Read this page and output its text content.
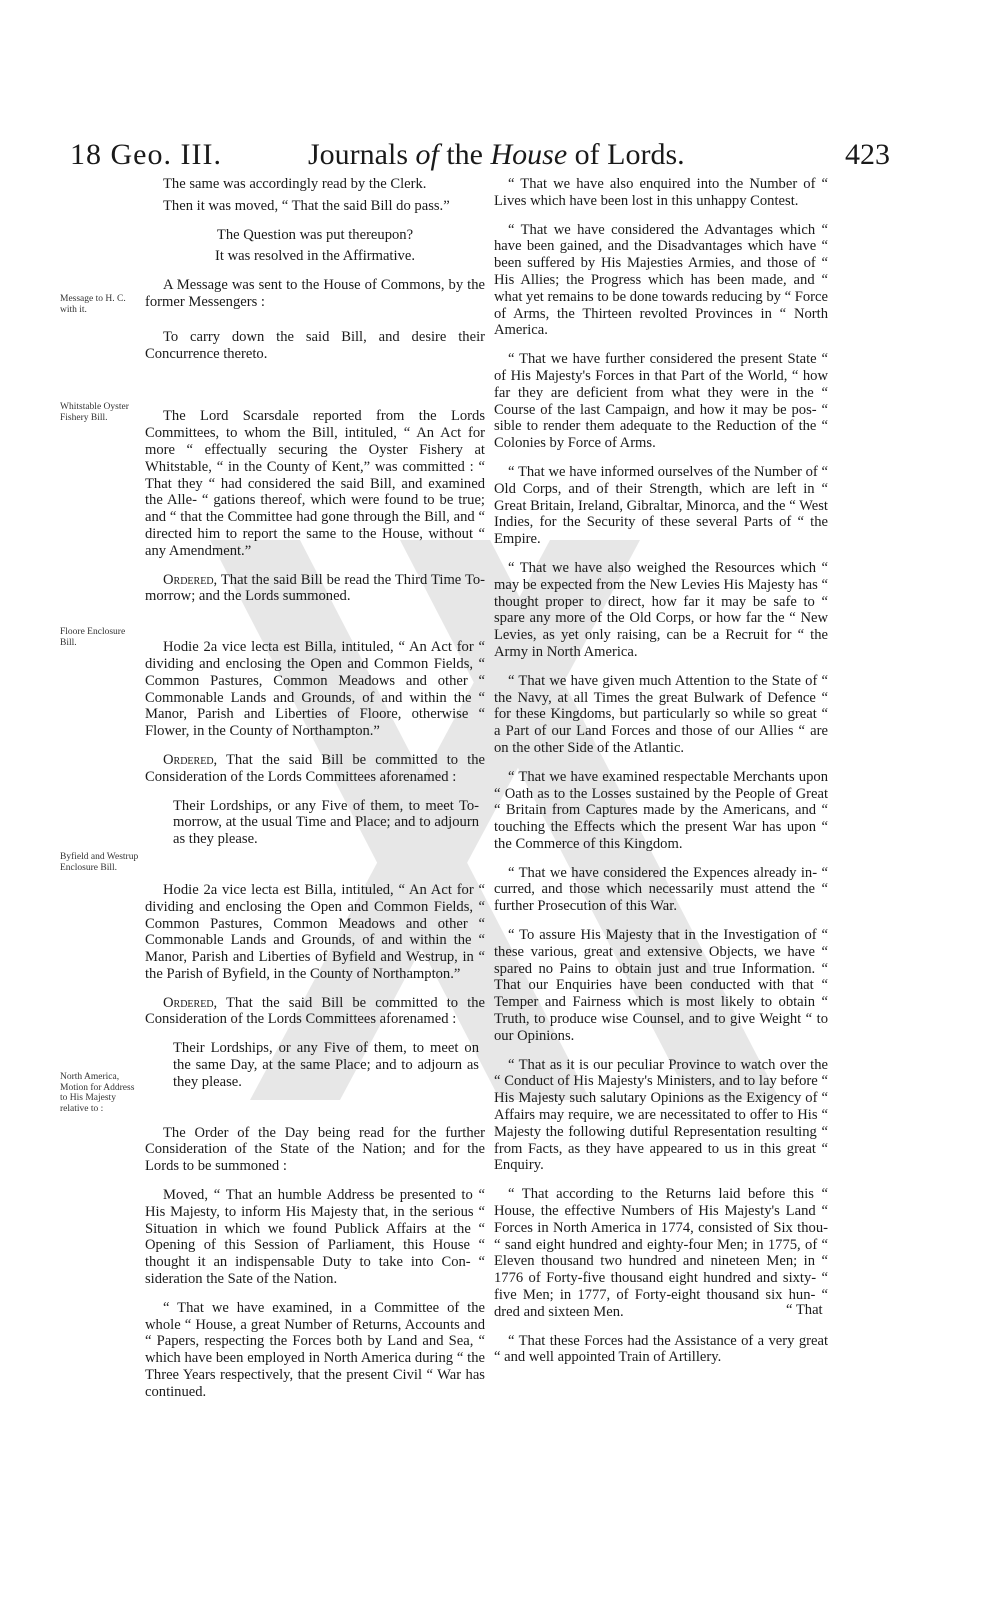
18 Geo. III.	Journals of the House of Lords.	423
Message to H. C. with it.
Whitstable Oyster Fishery Bill.
Floore Enclosure Bill.
Byfield and Westrup Enclosure Bill.
North America, Motion for Address to His Majesty relative to :

The same was accordingly read by the Clerk.

Then it was moved, “ That the said Bill do pass.”

The Question was put thereupon?

It was resolved in the Affirmative.

A Message was sent to the House of Commons, by the former Messengers :

To carry down the said Bill, and desire their Concurrence thereto.

The Lord Scarsdale reported from the Lords Committees, to whom the Bill, intituled, “ An Act for more “ effectually securing the Oyster Fishery at Whitstable, “ in the County of Kent,” was committed : “ That they “ had considered the said Bill, and examined the Alle- “ gations thereof, which were found to be true; and “ that the Committee had gone through the Bill, and “ directed him to report the same to the House, without “ any Amendment.”

Ordered, That the said Bill be read the Third Time To-morrow; and the Lords summoned.

Hodie 2a vice lecta est Billa, intituled, “ An Act for “ dividing and enclosing the Open and Common Fields, “ Common Pastures, Common Meadows and other “ Commonable Lands and Grounds, of and within the “ Manor, Parish and Liberties of Floore, otherwise “ Flower, in the County of Northampton.”

Ordered, That the said Bill be committed to the Consideration of the Lords Committees aforenamed :

Their Lordships, or any Five of them, to meet To-morrow, at the usual Time and Place; and to adjourn as they please.

Hodie 2a vice lecta est Billa, intituled, “ An Act for “ dividing and enclosing the Open and Common Fields, “ Common Pastures, Common Meadows and other “ Commonable Lands and Grounds, of and within the “ Manor, Parish and Liberties of Byfield and Westrup, in “ the Parish of Byfield, in the County of Northampton.”

Ordered, That the said Bill be committed to the Consideration of the Lords Committees aforenamed :

Their Lordships, or any Five of them, to meet on the same Day, at the same Place; and to adjourn as they please.

The Order of the Day being read for the further Consideration of the State of the Nation; and for the Lords to be summoned :

Moved, “ That an humble Address be presented to “ His Majesty, to inform His Majesty that, in the serious “ Situation in which we found Publick Affairs at the “ Opening of this Session of Parliament, this House “ thought it an indispensable Duty to take into Con- “ sideration the Sate of the Nation.

“ That we have examined, in a Committee of the whole “ House, a great Number of Returns, Accounts and “ Papers, respecting the Forces both by Land and Sea, “ which have been employed in North America during “ the Three Years respectively, that the present Civil “ War has continued.

“ That we have also enquired into the Number of “ Lives which have been lost in this unhappy Contest.

“ That we have considered the Advantages which “ have been gained, and the Disadvantages which have “ been suffered by His Majesties Armies, and those of “ His Allies; the Progress which has been made, and “ what yet remains to be done towards reducing by “ Force of Arms, the Thirteen revolted Provinces in “ North America.

“ That we have further considered the present State “ of His Majesty's Forces in that Part of the World, “ how far they are deficient from what they were in the “ Course of the last Campaign, and how it may be pos- “ sible to render them adequate to the Reduction of the “ Colonies by Force of Arms.

“ That we have informed ourselves of the Number of “ Old Corps, and of their Strength, which are left in “ Great Britain, Ireland, Gibraltar, Minorca, and the “ West Indies, for the Security of these several Parts of “ the Empire.

“ That we have also weighed the Resources which “ may be expected from the New Levies His Majesty has “ thought proper to direct, how far it may be safe to “ spare any more of the Old Corps, or how far the “ New Levies, as yet only raising, can be a Recruit for “ the Army in North America.

“ That we have given much Attention to the State of “ the Navy, at all Times the great Bulwark of Defence “ for these Kingdoms, but particularly so while so great “ a Part of our Land Forces and those of our Allies “ are on the other Side of the Atlantic.

“ That we have examined respectable Merchants upon “ Oath as to the Losses sustained by the People of Great “ Britain from Captures made by the Americans, and “ touching the Effects which the present War has upon “ the Commerce of this Kingdom.

“ That we have considered the Expences already in- “ curred, and those which necessarily must attend the “ further Prosecution of this War.

“ To assure His Majesty that in the Investigation of “ these various, great and extensive Objects, we have “ spared no Pains to obtain just and true Information. “ That our Enquiries have been conducted with that “ Temper and Fairness which is most likely to obtain “ Truth, to produce wise Counsel, and to give Weight “ to our Opinions.

“ That as it is our peculiar Province to watch over the “ Conduct of His Majesty's Ministers, and to lay before “ His Majesty such salutary Opinions as the Exigency of “ Affairs may require, we are necessitated to offer to His “ Majesty the following dutiful Representation resulting “ from Facts, as they have appeared to us in this great “ Enquiry.

“ That according to the Returns laid before this “ House, the effective Numbers of His Majesty's Land “ Forces in North America in 1774, consisted of Six thou- “ sand eight hundred and eighty-four Men; in 1775, of “ Eleven thousand two hundred and nineteen Men; in “ 1776 of Forty-five thousand eight hundred and sixty- “ five Men; in 1777, of Forty-eight thousand six hun- “ dred and sixteen Men.

“ That these Forces had the Assistance of a very great “ and well appointed Train of Artillery.

“ That
